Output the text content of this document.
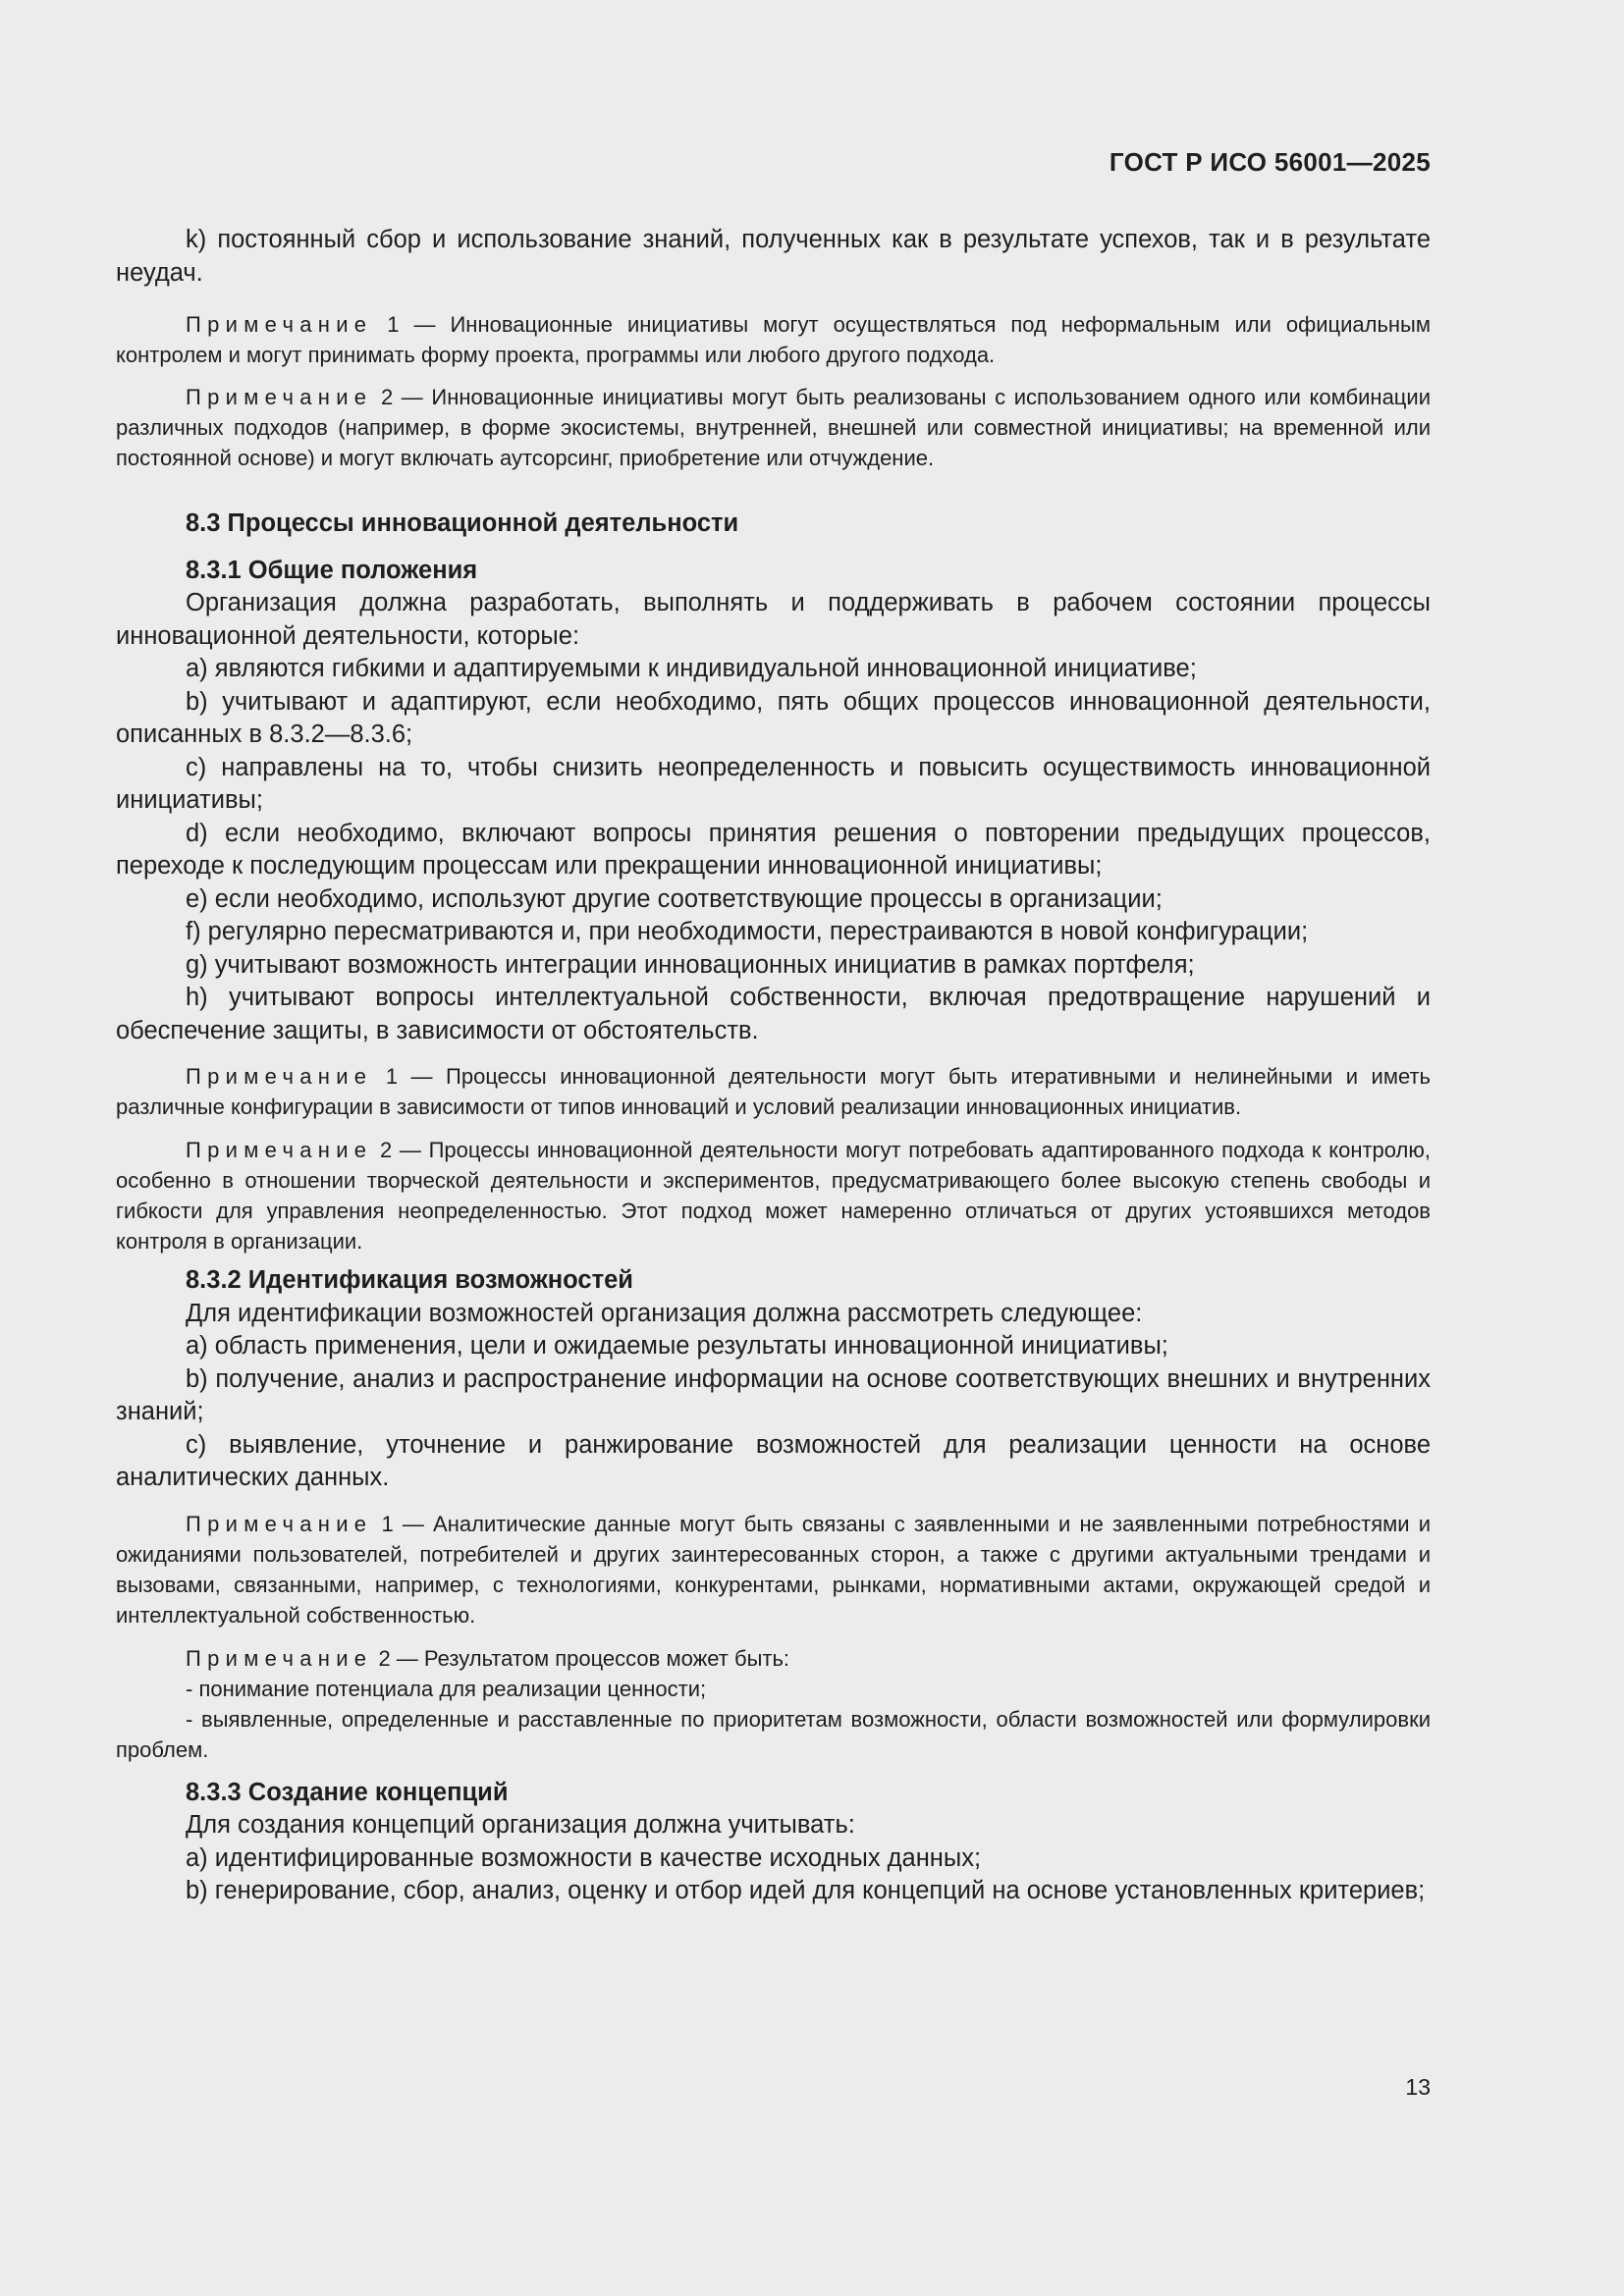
ГОСТ Р ИСО 56001—2025

k) постоянный сбор и использование знаний, полученных как в результате успехов, так и в результате неудач.

Примечание 1 — Инновационные инициативы могут осуществляться под неформальным или официальным контролем и могут принимать форму проекта, программы или любого другого подхода.

Примечание 2 — Инновационные инициативы могут быть реализованы с использованием одного или комбинации различных подходов (например, в форме экосистемы, внутренней, внешней или совместной инициативы; на временной или постоянной основе) и могут включать аутсорсинг, приобретение или отчуждение.

8.3 Процессы инновационной деятельности

8.3.1 Общие положения

Организация должна разработать, выполнять и поддерживать в рабочем состоянии процессы инновационной деятельности, которые:

a) являются гибкими и адаптируемыми к индивидуальной инновационной инициативе;

b) учитывают и адаптируют, если необходимо, пять общих процессов инновационной деятельности, описанных в 8.3.2—8.3.6;

c) направлены на то, чтобы снизить неопределенность и повысить осуществимость инновационной инициативы;

d) если необходимо, включают вопросы принятия решения о повторении предыдущих процессов, переходе к последующим процессам или прекращении инновационной инициативы;

e) если необходимо, используют другие соответствующие процессы в организации;

f) регулярно пересматриваются и, при необходимости, перестраиваются в новой конфигурации;

g) учитывают возможность интеграции инновационных инициатив в рамках портфеля;

h) учитывают вопросы интеллектуальной собственности, включая предотвращение нарушений и обеспечение защиты, в зависимости от обстоятельств.

Примечание 1 — Процессы инновационной деятельности могут быть итеративными и нелинейными и иметь различные конфигурации в зависимости от типов инноваций и условий реализации инновационных инициатив.

Примечание 2 — Процессы инновационной деятельности могут потребовать адаптированного подхода к контролю, особенно в отношении творческой деятельности и экспериментов, предусматривающего более высокую степень свободы и гибкости для управления неопределенностью. Этот подход может намеренно отличаться от других устоявшихся методов контроля в организации.

8.3.2 Идентификация возможностей

Для идентификации возможностей организация должна рассмотреть следующее:

a) область применения, цели и ожидаемые результаты инновационной инициативы;

b) получение, анализ и распространение информации на основе соответствующих внешних и внутренних знаний;

c) выявление, уточнение и ранжирование возможностей для реализации ценности на основе аналитических данных.

Примечание 1 — Аналитические данные могут быть связаны с заявленными и не заявленными потребностями и ожиданиями пользователей, потребителей и других заинтересованных сторон, а также с другими актуальными трендами и вызовами, связанными, например, с технологиями, конкурентами, рынками, нормативными актами, окружающей средой и интеллектуальной собственностью.

Примечание 2 — Результатом процессов может быть:

- понимание потенциала для реализации ценности;

- выявленные, определенные и расставленные по приоритетам возможности, области возможностей или формулировки проблем.

8.3.3 Создание концепций

Для создания концепций организация должна учитывать:

a) идентифицированные возможности в качестве исходных данных;

b) генерирование, сбор, анализ, оценку и отбор идей для концепций на основе установленных критериев;

13
